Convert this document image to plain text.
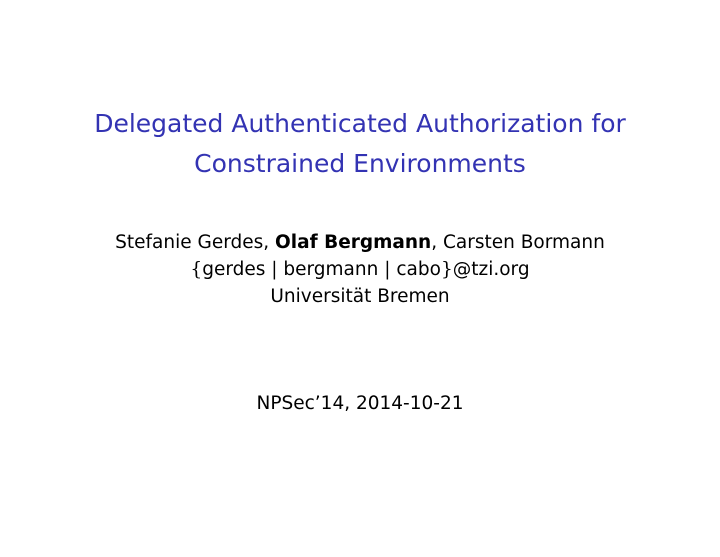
Delegated Authenticated Authorization for
Constrained Environments
Stefanie Gerdes, Olaf Bergmann, Carsten Bormann
{gerdes | bergmann | cabo}@tzi.org
Universität Bremen
NPSec’14, 2014-10-21
